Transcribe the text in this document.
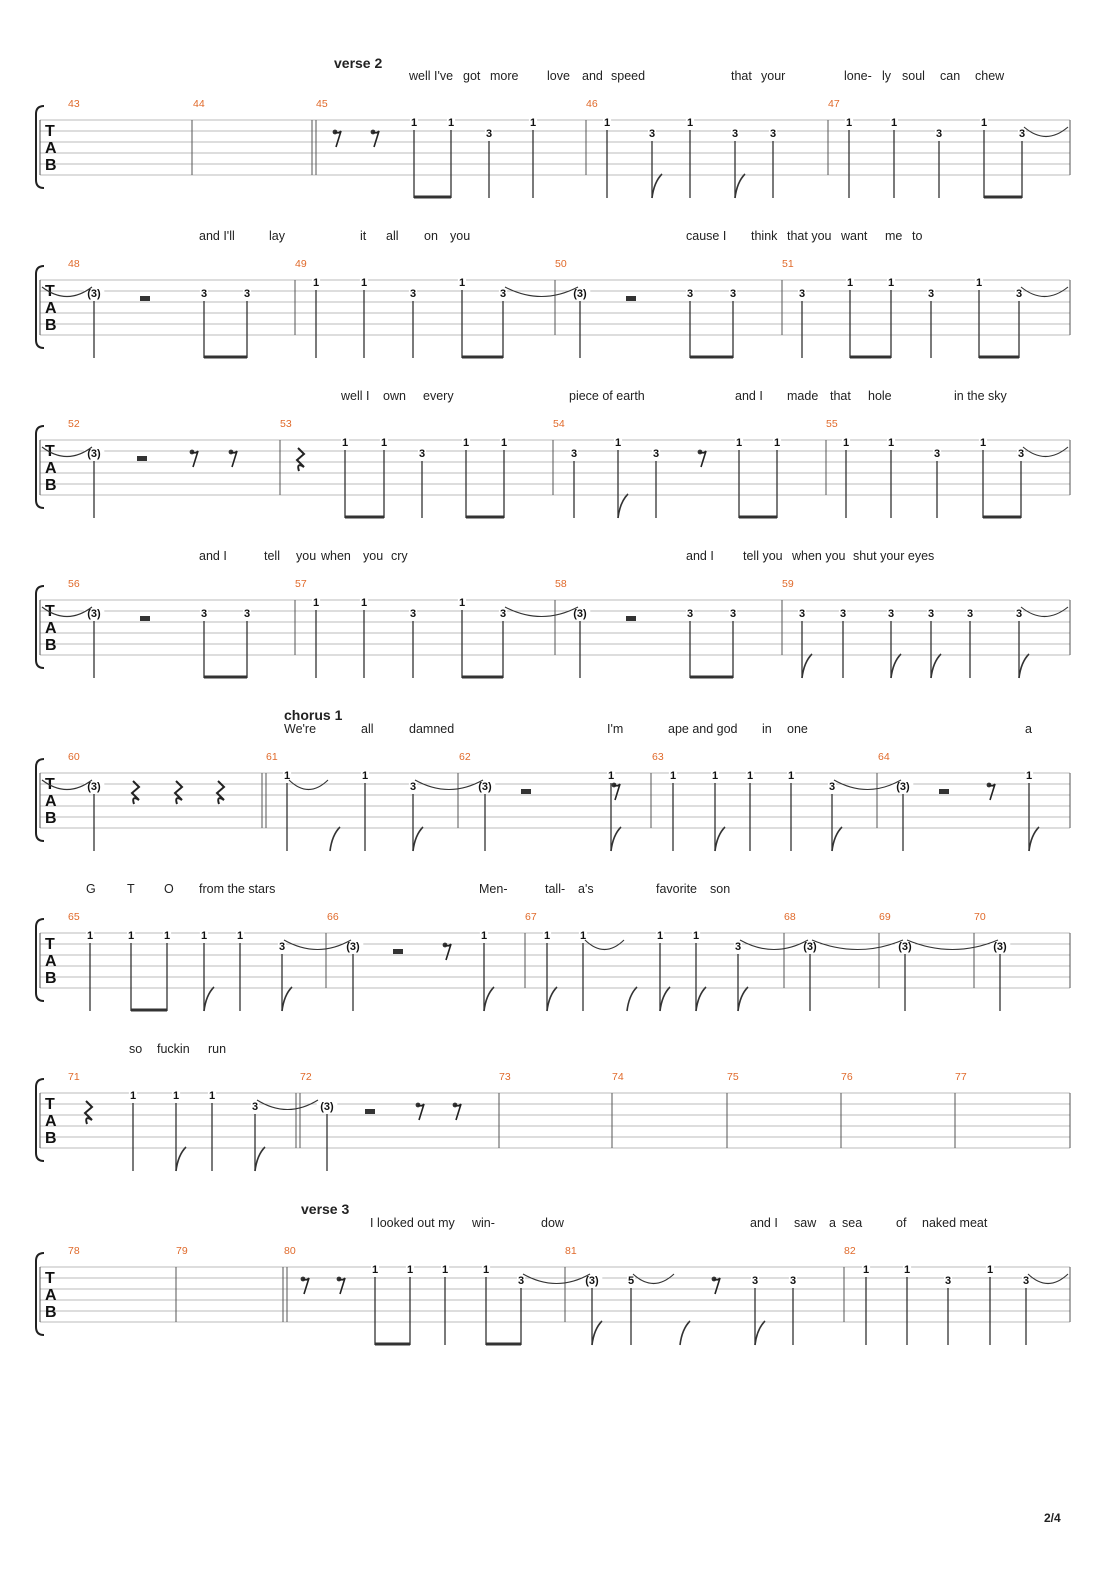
2/4
T
A
B
verse 2
well I've got more love and speed	that your	lone- ly soul can chew
43	44	45	46	47
1	1
3
1	1
3
1
3	3
1	1
3
1
3
T
A
B
and I'll	lay	it all on you	cause I think that you want me to
48	49	50	51
(3)	3	3
1	1
3
1
3	(3)	3	3	3
1	1
3
1
3
T
A
B
well I own every	piece of earth	and I made that hole	in the sky
52	53	54	55
(3)
1	1
3
1	1
3
1
3
1	1	1	1
3
1
3
T
A
B
and I	tell you when you cry	and I tell you when you shut your eyes
56	57	58	59
(3)	3	3
1	1
3
1
3	(3)	3	3	3	3	3	3	3	3
T
A
B
chorus 1
We're	all	damned	I'm	ape and god in one	a
60	61	62	63	64
(3)
1	1
3	(3)
1	1	1	1	1
3	(3)
1
T
A
B
G	T O from the stars	Men-	tall- a's	favorite son
65	66	67	68	69	70
1	1	1	1	1
3	(3)
1	1	1	1	1
3	(3)	(3)	(3)
T
A
B
so fuckin run
71	72	73	74	75	76	77
1	1	1
3	(3)
T
A
B
verse 3
I looked out my win-	dow	and I saw a sea	of naked meat
78	79	80	81	82
1	1	1	1
3	(3)	5	3	3
1	1
3
1
3
